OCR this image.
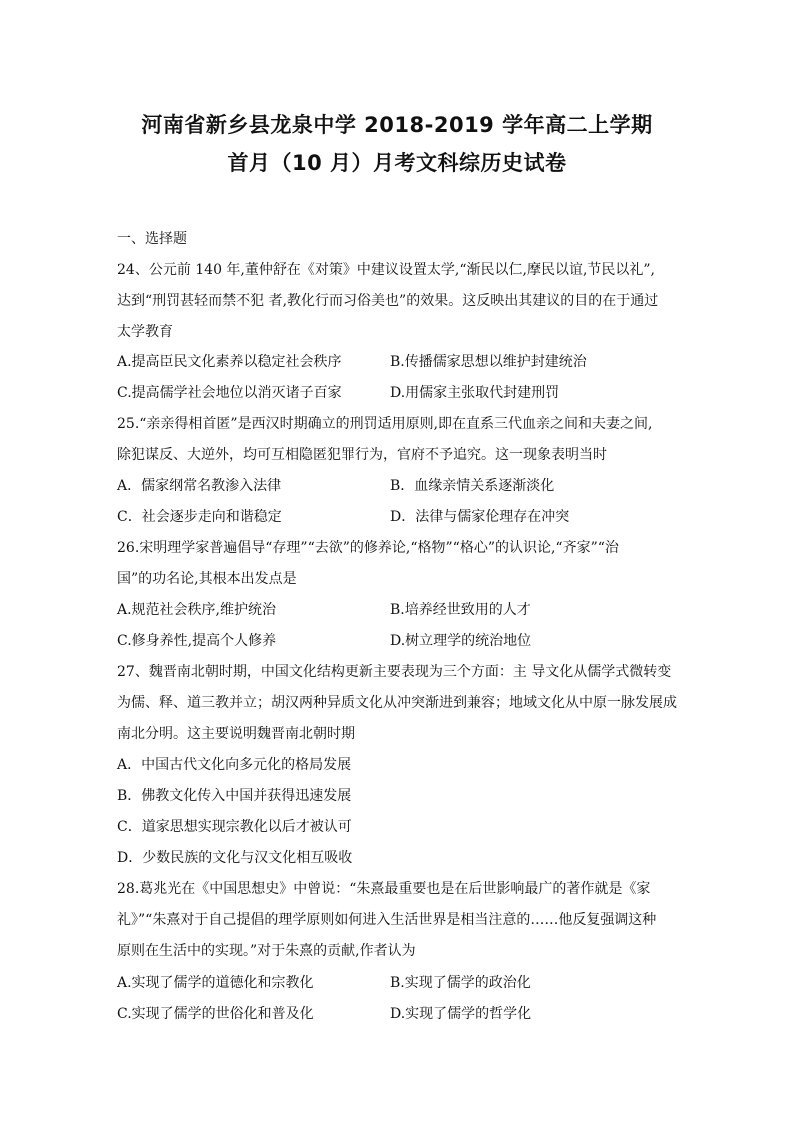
河南省新乡县龙泉中学 2018-2019 学年高二上学期
首月（10 月）月考文科综历史试卷
一、选择题
24、公元前 140 年,董仲舒在《对策》中建议设置太学,“渐民以仁,摩民以谊,节民以礼”,
达到“刑罚甚轻而禁不犯 者,教化行而习俗美也”的效果。这反映出其建议的目的在于通过
太学教育
A.提高臣民文化素养以稳定社会秩序	B.传播儒家思想以维护封建统治
C.提高儒学社会地位以消灭诸子百家	D.用儒家主张取代封建刑罚
25.“亲亲得相首匿”是西汉时期确立的刑罚适用原则,即在直系三代血亲之间和夫妻之间,
除犯谋反、大逆外，均可互相隐匿犯罪行为，官府不予追究。这一现象表明当时
A．儒家纲常名教渗入法律	B．血缘亲情关系逐渐淡化
C．社会逐步走向和谐稳定	D．法律与儒家伦理存在冲突
26.宋明理学家普遍倡导“存理”“去欲”的修养论,“格物”“格心”的认识论,“齐家”“治
国”的功名论,其根本出发点是
A.规范社会秩序,维护统治	B.培养经世致用的人才
C.修身养性,提高个人修养	D.树立理学的统治地位
27、魏晋南北朝时期，中国文化结构更新主要表现为三个方面：主 导文化从儒学式微转变
为儒、释、道三教并立；胡汉两种异质文化从冲突渐进到兼容；地域文化从中原一脉发展成
南北分明。这主要说明魏晋南北朝时期
A．中国古代文化向多元化的格局发展
B．佛教文化传入中国并获得迅速发展
C．道家思想实现宗教化以后才被认可
D．少数民族的文化与汉文化相互吸收
28.葛兆光在《中国思想史》中曾说：“朱熹最重要也是在后世影响最广的著作就是《家
礼》”“朱熹对于自己提倡的理学原则如何进入生活世界是相当注意的……他反复强调这种
原则在生活中的实现。”对于朱熹的贡献,作者认为
A.实现了儒学的道德化和宗教化	B.实现了儒学的政治化
C.实现了儒学的世俗化和普及化	D.实现了儒学的哲学化
